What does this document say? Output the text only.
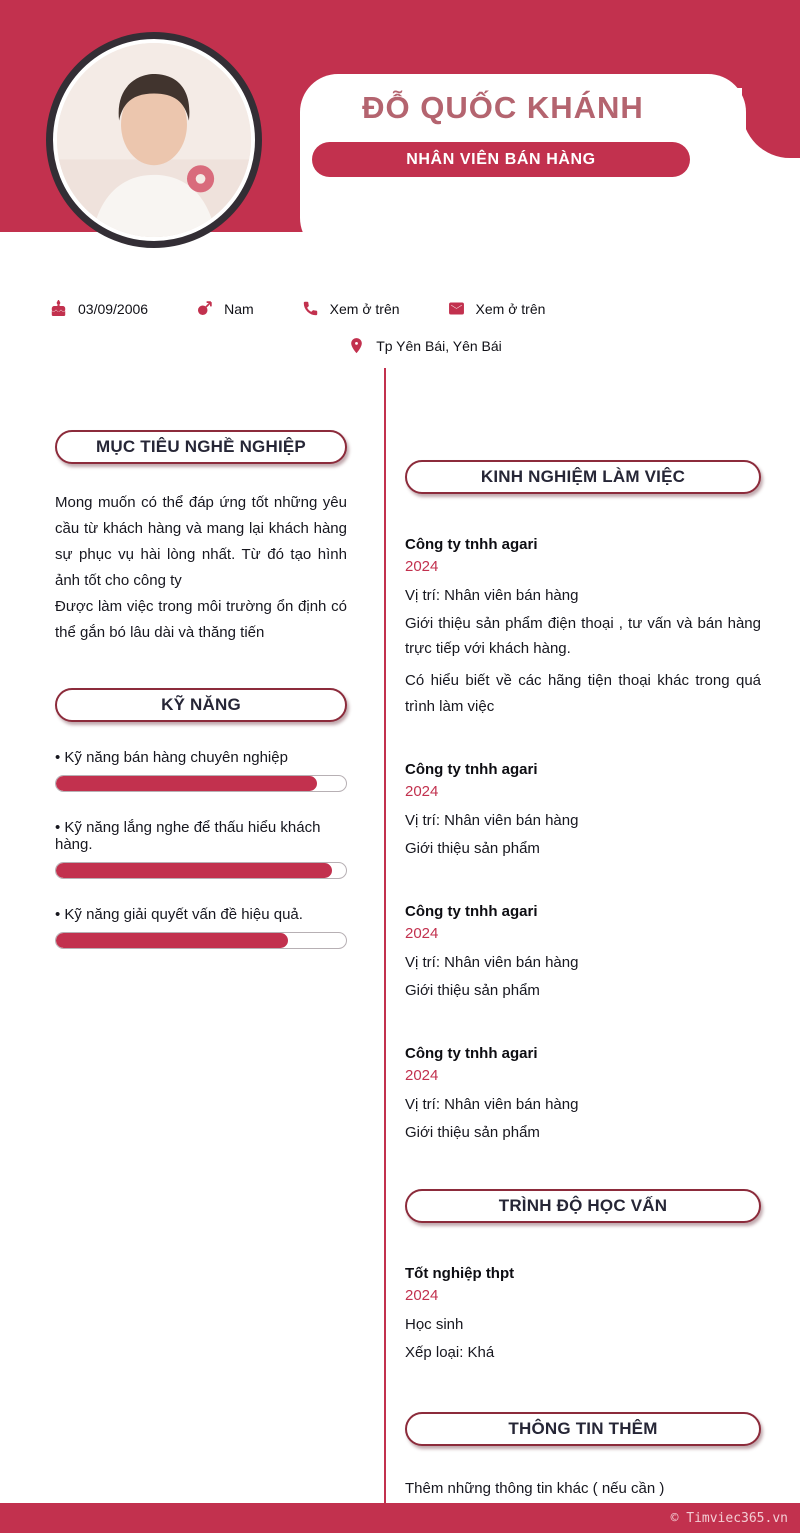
ĐỖ QUỐC KHÁNH
NHÂN VIÊN BÁN HÀNG
03/09/2006	Nam	Xem ở trên	Xem ở trên
Tp Yên Bái, Yên Bái
MỤC TIÊU NGHỀ NGHIỆP

Mong muốn có thể đáp ứng tốt những yêu cầu từ khách hàng và mang lại khách hàng sự phục vụ hài lòng nhất. Từ đó tạo hình ảnh tốt cho công ty

Được làm việc trong môi trường ổn định có thể gắn bó lâu dài và thăng tiến

KỸ NĂNG
• Kỹ năng bán hàng chuyên nghiệp
• Kỹ năng lắng nghe để thấu hiểu khách hàng.
• Kỹ năng giải quyết vấn đề hiệu quả.
KINH NGHIỆM LÀM VIỆC
Công ty tnhh agari
2024
Vị trí: Nhân viên bán hàng

Giới thiệu sản phẩm điện thoại , tư vấn và bán hàng trực tiếp với khách hàng.

Có hiểu biết về các hãng tiện thoại khác trong quá trình làm việc

Công ty tnhh agari
2024
Vị trí: Nhân viên bán hàng

Giới thiệu sản phẩm

Công ty tnhh agari
2024
Vị trí: Nhân viên bán hàng

Giới thiệu sản phẩm

Công ty tnhh agari
2024
Vị trí: Nhân viên bán hàng

Giới thiệu sản phẩm

TRÌNH ĐỘ HỌC VẤN
Tốt nghiệp thpt
2024
Học sinh

Xếp loại: Khá

THÔNG TIN THÊM

Thêm những thông tin khác ( nếu cần )

© Timviec365.vn
